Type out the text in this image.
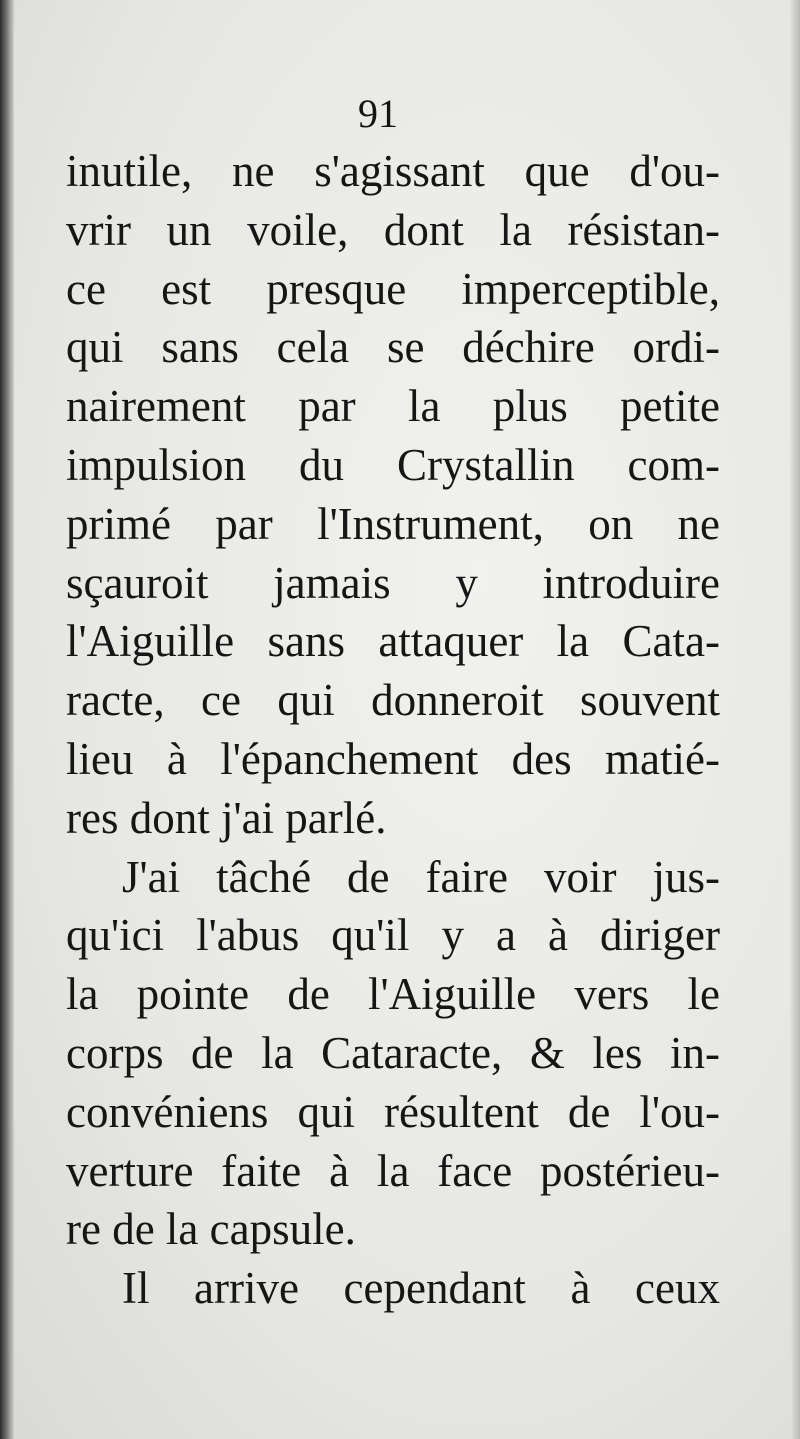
91
inutile, ne s'agissant que d'ou-
vrir un voile, dont la résistan-
ce est presque imperceptible,
qui sans cela se déchire ordi-
nairement par la plus petite
impulsion du Crystallin com-
primé par l'Instrument, on ne
sçauroit jamais y introduire
l'Aiguille sans attaquer la Cata-
racte, ce qui donneroit souvent
lieu à l'épanchement des matié-
res dont j'ai parlé.
J'ai tâché de faire voir jus-
qu'ici l'abus qu'il y a à diriger
la pointe de l'Aiguille vers le
corps de la Cataracte, & les in-
convéniens qui résultent de l'ou-
verture faite à la face postérieu-
re de la capsule.
Il arrive cependant à ceux
